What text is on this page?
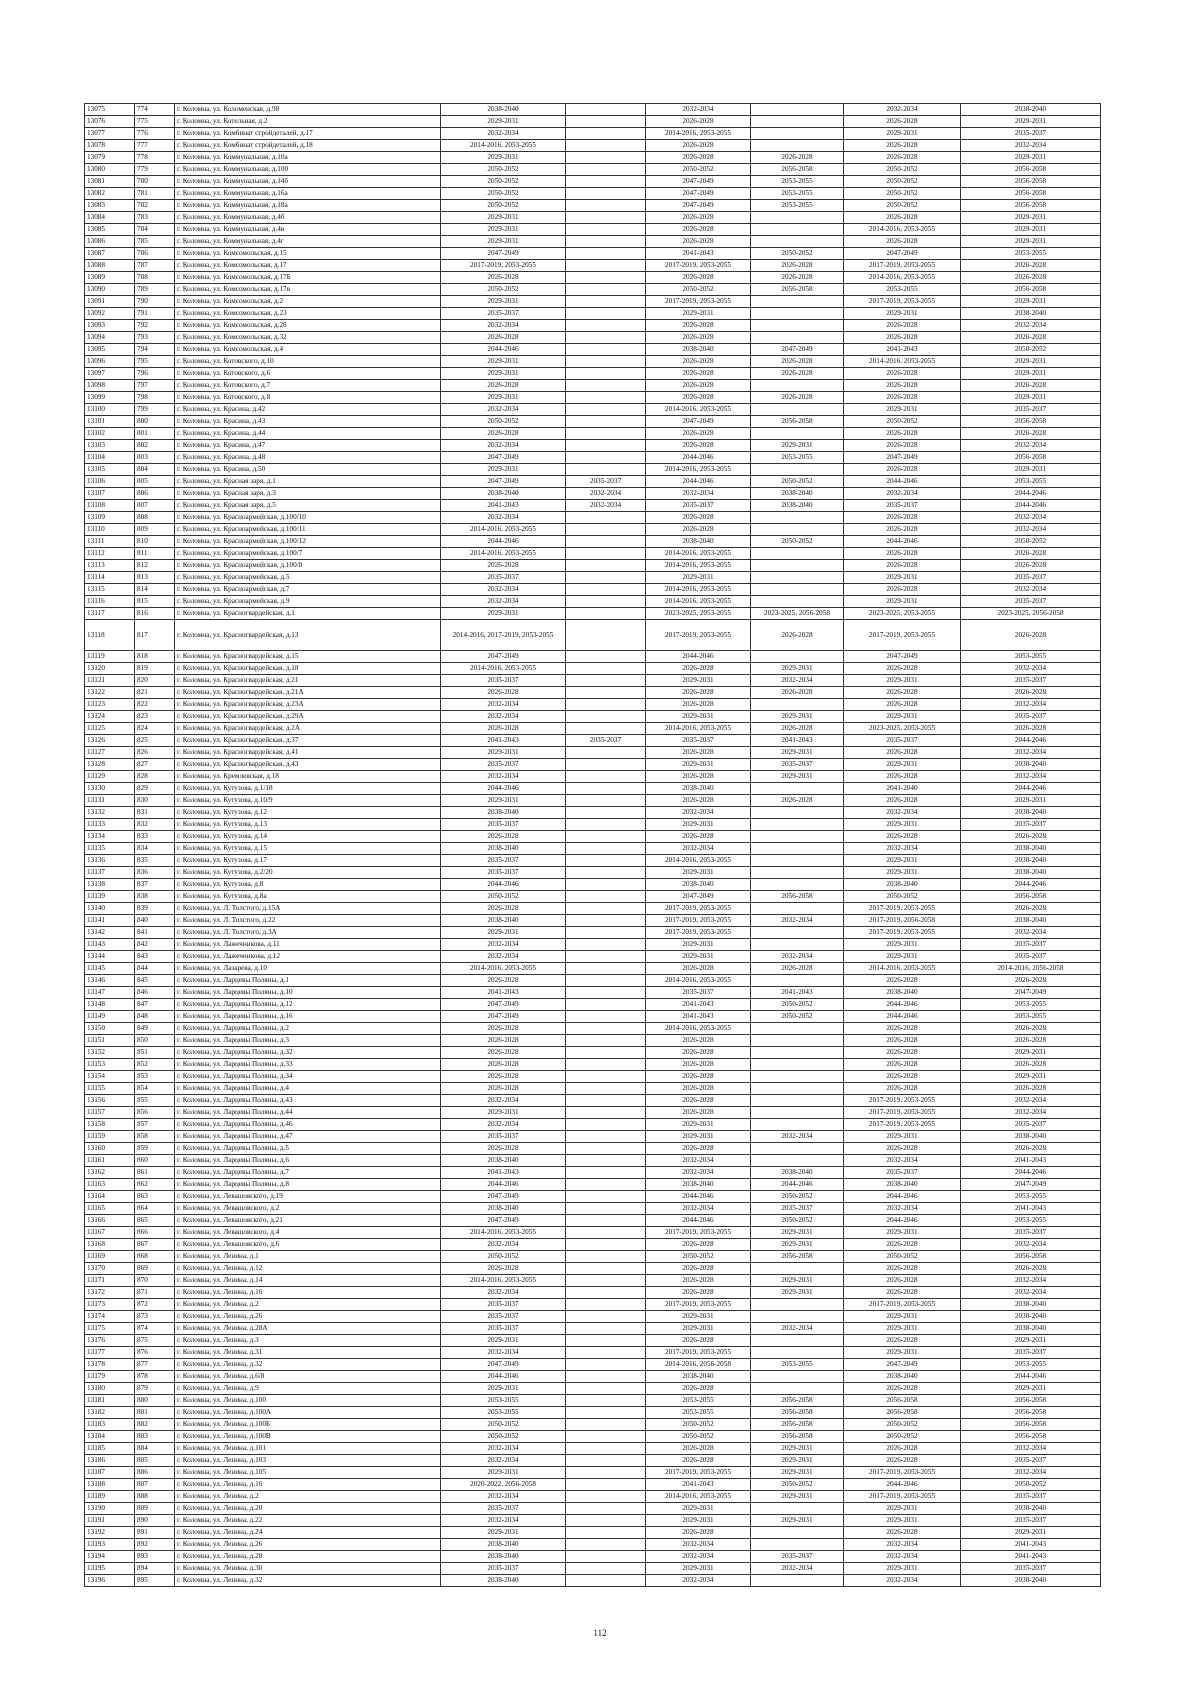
13075	774	г. Коломна, ул. Коломенская, д.98	2038-2040		2032-2034		2032-2034	2038-2040
13076	775	г. Коломна, ул. Котельная, д.2	2029-2031		2026-2028		2026-2028	2029-2031
13077	776	г. Коломна, ул. Комбинат стройдеталей, д.17	2032-2034		2014-2016, 2053-2055		2029-2031	2035-2037
13078	777	г. Коломна, ул. Комбинат стройдеталей, д.18	2014-2016, 2053-2055		2026-2028		2026-2028	2032-2034
13079	778	г. Коломна, ул. Коммунальная, д.10а	2029-2031		2026-2028	2026-2028	2026-2028	2029-2031
13080	779	г. Коломна, ул. Коммунальная, д.100	2050-2052		2050-2052	2056-2058	2050-2052	2056-2058
13081	780	г. Коломна, ул. Коммунальная, д.14б	2050-2052		2047-2049	2053-2055	2050-2052	2056-2058
13082	781	г. Коломна, ул. Коммунальная, д.16а	2050-2052		2047-2049	2053-2055	2050-2052	2056-2058
13083	782	г. Коломна, ул. Коммунальная, д.18а	2050-2052		2047-2049	2053-2055	2050-2052	2056-2058
13084	783	г. Коломна, ул. Коммунальная, д.4б	2029-2031		2026-2028		2026-2028	2029-2031
13085	784	г. Коломна, ул. Коммунальная, д.4в	2029-2031		2026-2028		2014-2016, 2053-2055	2029-2031
13086	785	г. Коломна, ул. Коммунальная, д.4г	2029-2031		2026-2028		2026-2028	2029-2031
13087	786	г. Коломна, ул. Комсомольская, д.15	2047-2049		2041-2043	2050-2052	2047-2049	2053-2055
13088	787	г. Коломна, ул. Комсомольская, д.17	2017-2019, 2053-2055		2017-2019, 2053-2055	2026-2028	2017-2019, 2053-2055	2026-2028
13089	788	г. Коломна, ул. Комсомольская, д.17Б	2026-2028		2026-2028	2026-2028	2014-2016, 2053-2055	2026-2028
13090	789	г. Коломна, ул. Комсомольская, д.17в	2050-2052		2050-2052	2056-2058	2053-2055	2056-2058
13091	790	г. Коломна, ул. Комсомольская, д.2	2029-2031		2017-2019, 2053-2055		2017-2019, 2053-2055	2029-2031
13092	791	г. Коломна, ул. Комсомольская, д.23	2035-2037		2029-2031		2029-2031	2038-2040
13093	792	г. Коломна, ул. Комсомольская, д.28	2032-2034		2026-2028		2026-2028	2032-2034
13094	793	г. Коломна, ул. Комсомольская, д.32	2026-2028		2026-2028		2026-2028	2026-2028
13095	794	г. Коломна, ул. Комсомольская, д.4	2044-2046		2038-2040	2047-2049	2041-2043	2050-2052
13096	795	г. Коломна, ул. Котовского, д.10	2029-2031		2026-2028	2026-2028	2014-2016, 2053-2055	2029-2031
13097	796	г. Коломна, ул. Котовского, д.6	2029-2031		2026-2028	2026-2028	2026-2028	2029-2031
13098	797	г. Коломна, ул. Котовского, д.7	2026-2028		2026-2028		2026-2028	2026-2028
13099	798	г. Коломна, ул. Котовского, д.8	2029-2031		2026-2028	2026-2028	2026-2028	2029-2031
13100	799	г. Коломна, ул. Красина, д.42	2032-2034		2014-2016, 2053-2055		2029-2031	2035-2037
13101	800	г. Коломна, ул. Красина, д.43	2050-2052		2047-2049	2056-2058	2050-2052	2056-2058
13102	801	г. Коломна, ул. Красина, д.44	2026-2028		2026-2028		2026-2028	2026-2028
13103	802	г. Коломна, ул. Красина, д.47	2032-2034		2026-2028	2029-2031	2026-2028	2032-2034
13104	803	г. Коломна, ул. Красина, д.48	2047-2049		2044-2046	2053-2055	2047-2049	2056-2058
13105	804	г. Коломна, ул. Красина, д.50	2029-2031		2014-2016, 2053-2055		2026-2028	2029-2031
13106	805	г. Коломна, ул. Красная заря, д.1	2047-2049	2035-2037	2044-2046	2050-2052	2044-2046	2053-2055
13107	806	г. Коломна, ул. Красная заря, д.3	2038-2040	2032-2034	2032-2034	2038-2040	2032-2034	2044-2046
13108	807	г. Коломна, ул. Красная заря, д.5	2041-2043	2032-2034	2035-2037	2038-2040	2035-2037	2044-2046
13109	808	г. Коломна, ул. Красноармейская, д.100/10	2032-2034		2026-2028		2026-2028	2032-2034
13110	809	г. Коломна, ул. Красноармейская, д.100/11	2014-2016, 2053-2055		2026-2028		2026-2028	2032-2034
13111	810	г. Коломна, ул. Красноармейская, д.100/12	2044-2046		2038-2040	2050-2052	2044-2046	2050-2052
13112	811	г. Коломна, ул. Красноармейская, д.100/7	2014-2016, 2053-2055		2014-2016, 2053-2055		2026-2028	2026-2028
13113	812	г. Коломна, ул. Красноармейская, д.100/8	2026-2028		2014-2016, 2053-2055		2026-2028	2026-2028
13114	813	г. Коломна, ул. Красноармейская, д.5	2035-2037		2029-2031		2029-2031	2035-2037
13115	814	г. Коломна, ул. Красноармейская, д.7	2032-2034		2014-2016, 2053-2055		2026-2028	2032-2034
13116	815	г. Коломна, ул. Красноармейская, д.9	2032-2034		2014-2016, 2053-2055		2029-2031	2035-2037
13117	816	г. Коломна, ул. Красногвардейская, д.1	2029-2031		2023-2025, 2053-2055	2023-2025, 2056-2058	2023-2025, 2053-2055	2023-2025, 2056-2058
13118	817	г. Коломна, ул. Красногвардейская, д.13	2014-2016, 2017-2019, 2053-2055		2017-2019, 2053-2055	2026-2028	2017-2019, 2053-2055	2026-2028
13119	818	г. Коломна, ул. Красногвардейская, д.15	2047-2049		2044-2046		2047-2049	2053-2055
13120	819	г. Коломна, ул. Красногвардейская, д.18	2014-2016, 2053-2055		2026-2028	2029-2031	2026-2028	2032-2034
13121	820	г. Коломна, ул. Красногвардейская, д.21	2035-2037		2029-2031	2032-2034	2029-2031	2035-2037
13122	821	г. Коломна, ул. Красногвардейская, д.21А	2026-2028		2026-2028	2026-2028	2026-2028	2026-2028
13123	822	г. Коломна, ул. Красногвардейская, д.23А	2032-2034		2026-2028		2026-2028	2032-2034
13124	823	г. Коломна, ул. Красногвардейская, д.29А	2032-2034		2029-2031	2029-2031	2029-2031	2035-2037
13125	824	г. Коломна, ул. Красногвардейская, д.2А	2026-2028		2014-2016, 2053-2055	2026-2028	2023-2025, 2053-2055	2026-2028
13126	825	г. Коломна, ул. Красногвардейская, д.37	2041-2043	2035-2037	2035-2037	2041-2043	2035-2037	2044-2046
13127	826	г. Коломна, ул. Красногвардейская, д.41	2029-2031		2026-2028	2029-2031	2026-2028	2032-2034
13128	827	г. Коломна, ул. Красногвардейская, д.43	2035-2037		2029-2031	2035-2037	2029-2031	2038-2040
13129	828	г. Коломна, ул. Кремлевская, д.18	2032-2034		2026-2028	2029-2031	2026-2028	2032-2034
13130	829	г. Коломна, ул. Кутузова, д.1/18	2044-2046		2038-2040		2041-2040	2044-2046
13131	830	г. Коломна, ул. Кутузова, д.10/9	2029-2031		2026-2028	2026-2028	2026-2028	2029-2031
13132	831	г. Коломна, ул. Кутузова, д.12	2038-2040		2032-2034		2032-2034	2038-2040
13133	832	г. Коломна, ул. Кутузова, д.13	2035-2037		2029-2031		2029-2031	2035-2037
13134	833	г. Коломна, ул. Кутузова, д.14	2026-2028		2026-2028		2026-2028	2026-2028
13135	834	г. Коломна, ул. Кутузова, д.15	2038-2040		2032-2034		2032-2034	2038-2040
13136	835	г. Коломна, ул. Кутузова, д.17	2035-2037		2014-2016, 2053-2055		2029-2031	2038-2040
13137	836	г. Коломна, ул. Кутузова, д.2/20	2035-2037		2029-2031		2029-2031	2038-2040
13138	837	г. Коломна, ул. Кутузова, д.8	2044-2046		2038-2040		2038-2040	2044-2046
13139	838	г. Коломна, ул. Кутузова, д.8а	2050-2052		2047-2049	2056-2058	2050-2052	2056-2058
13140	839	г. Коломна, ул. Л. Толстого, д.15А	2026-2028		2017-2019, 2053-2055		2017-2019, 2053-2055	2026-2028
13141	840	г. Коломна, ул. Л. Толстого, д.22	2038-2040		2017-2019, 2053-2055	2032-2034	2017-2019, 2056-2058	2038-2040
13142	841	г. Коломна, ул. Л. Толстого, д.3А	2029-2031		2017-2019, 2053-2055		2017-2019, 2053-2055	2032-2034
13143	842	г. Коломна, ул. Лажечникова, д.11	2032-2034		2029-2031		2029-2031	2035-2037
13144	843	г. Коломна, ул. Лажечникова, д.12	2032-2034		2029-2031	2032-2034	2029-2031	2035-2037
13145	844	г. Коломна, ул. Лазарева, д.10	2014-2016, 2053-2055		2026-2028	2026-2028	2014-2016, 2053-2055	2014-2016, 2056-2058
13146	845	г. Коломна, ул. Ларцевы Поляны, д.1	2026-2028		2014-2016, 2053-2055		2026-2028	2026-2028
13147	846	г. Коломна, ул. Ларцевы Поляны, д.10	2041-2043		2035-2037	2041-2043	2038-2040	2047-2049
13148	847	г. Коломна, ул. Ларцевы Поляны, д.12	2047-2049		2041-2043	2050-2052	2044-2046	2053-2055
13149	848	г. Коломна, ул. Ларцевы Поляны, д.16	2047-2049		2041-2043	2050-2052	2044-2046	2053-2055
13150	849	г. Коломна, ул. Ларцевы Поляны, д.2	2026-2028		2014-2016, 2053-2055		2026-2028	2026-2028
13151	850	г. Коломна, ул. Ларцевы Поляны, д.3	2026-2028		2026-2028		2026-2028	2026-2028
13152	851	г. Коломна, ул. Ларцевы Поляны, д.32	2026-2028		2026-2028		2026-2028	2029-2031
13153	852	г. Коломна, ул. Ларцевы Поляны, д.33	2026-2028		2026-2028		2026-2028	2026-2028
13154	853	г. Коломна, ул. Ларцевы Поляны, д.34	2026-2028		2026-2028		2026-2028	2029-2031
13155	854	г. Коломна, ул. Ларцевы Поляны, д.4	2026-2028		2026-2028		2026-2028	2026-2028
13156	855	г. Коломна, ул. Ларцевы Поляны, д.43	2032-2034		2026-2028		2017-2019, 2053-2055	2032-2034
13157	856	г. Коломна, ул. Ларцевы Поляны, д.44	2029-2031		2026-2028		2017-2019, 2053-2055	2032-2034
13158	857	г. Коломна, ул. Ларцевы Поляны, д.46	2032-2034		2029-2031		2017-2019, 2053-2055	2035-2037
13159	858	г. Коломна, ул. Ларцевы Поляны, д.47	2035-2037		2029-2031	2032-2034	2029-2031	2038-2040
13160	859	г. Коломна, ул. Ларцевы Поляны, д.5	2026-2028		2026-2028		2026-2028	2026-2028
13161	860	г. Коломна, ул. Ларцевы Поляны, д.6	2038-2040		2032-2034		2032-2034	2041-2043
13162	861	г. Коломна, ул. Ларцевы Поляны, д.7	2041-2043		2032-2034	2038-2040	2035-2037	2044-2046
13163	862	г. Коломна, ул. Ларцевы Поляны, д.8	2044-2046		2038-2040	2044-2046	2038-2040	2047-2049
13164	863	г. Коломна, ул. Левашовского, д.19	2047-2049		2044-2046	2050-2052	2044-2046	2053-2055
13165	864	г. Коломна, ул. Левашовского, д.2	2038-2040		2032-2034	2035-2037	2032-2034	2041-2043
13166	865	г. Коломна, ул. Левашовского, д.21	2047-2049		2044-2046	2050-2052	2044-2046	2053-2055
13167	866	г. Коломна, ул. Левашовского, д.4	2014-2016, 2053-2055		2017-2019, 2053-2055	2029-2031	2029-2031	2035-2037
13168	867	г. Коломна, ул. Левашовского, д.6	2032-2034		2026-2028	2029-2031	2026-2028	2032-2034
13169	868	г. Коломна, ул. Ленина, д.1	2050-2052		2050-2052	2056-2058	2050-2052	2056-2058
13170	869	г. Коломна, ул. Ленина, д.12	2026-2028		2026-2028		2026-2028	2026-2028
13171	870	г. Коломна, ул. Ленина, д.14	2014-2016, 2053-2055		2026-2028	2029-2031	2026-2028	2032-2034
13172	871	г. Коломна, ул. Ленина, д.16	2032-2034		2026-2028	2029-2031	2026-2028	2032-2034
13173	872	г. Коломна, ул. Ленина, д.2	2035-2037		2017-2019, 2053-2055		2017-2019, 2053-2055	2038-2040
13174	873	г. Коломна, ул. Ленина, д.26	2035-2037		2029-2031		2029-2031	2038-2040
13175	874	г. Коломна, ул. Ленина, д.28А	2035-2037		2029-2031	2032-2034	2029-2031	2038-2040
13176	875	г. Коломна, ул. Ленина, д.3	2029-2031		2026-2028		2026-2028	2029-2031
13177	876	г. Коломна, ул. Ленина, д.31	2032-2034		2017-2019, 2053-2055		2029-2031	2035-2037
13178	877	г. Коломна, ул. Ленина, д.32	2047-2049		2014-2016, 2056-2058	2053-2055	2047-2049	2053-2055
13179	878	г. Коломна, ул. Ленина, д.6/8	2044-2046		2038-2040		2038-2040	2044-2046
13180	879	г. Коломна, ул. Ленина, д.9	2029-2031		2026-2028		2026-2028	2029-2031
13181	880	г. Коломна, ул. Ленина, д.100	2053-2055		2053-2055	2056-2058	2056-2058	2056-2058
13182	881	г. Коломна, ул. Ленина, д.100А	2053-2055		2053-2055	2056-2058	2056-2058	2056-2058
13183	882	г. Коломна, ул. Ленина, д.100Б	2050-2052		2050-2052	2056-2058	2050-2052	2056-2058
13184	883	г. Коломна, ул. Ленина, д.100В	2050-2052		2050-2052	2056-2058	2050-2052	2056-2058
13185	884	г. Коломна, ул. Ленина, д.101	2032-2034		2026-2028	2029-2031	2026-2028	2032-2034
13186	885	г. Коломна, ул. Ленина, д.103	2032-2034		2026-2028	2029-2031	2026-2028	2035-2037
13187	886	г. Коломна, ул. Ленина, д.105	2029-2031		2017-2019, 2053-2055	2029-2031	2017-2019, 2053-2055	2032-2034
13188	887	г. Коломна, ул. Ленина, д.16	2020-2022, 2056-2058		2041-2043	2050-2052	2044-2046	2050-2052
13189	888	г. Коломна, ул. Ленина, д.2	2032-2034		2014-2016, 2053-2055	2029-2031	2017-2019, 2053-2055	2035-2037
13190	889	г. Коломна, ул. Ленина, д.20	2035-2037		2029-2031		2029-2031	2038-2040
13191	890	г. Коломна, ул. Ленина, д.22	2032-2034		2029-2031	2029-2031	2029-2031	2035-2037
13192	891	г. Коломна, ул. Ленина, д.24	2029-2031		2026-2028		2026-2028	2029-2031
13193	892	г. Коломна, ул. Ленина, д.26	2038-2040		2032-2034		2032-2034	2041-2043
13194	893	г. Коломна, ул. Ленина, д.28	2038-2040		2032-2034	2035-2037	2032-2034	2041-2043
13195	894	г. Коломна, ул. Ленина, д.30	2035-2037		2029-2031	2032-2034	2029-2031	2035-2037
13196	895	г. Коломна, ул. Ленина, д.32	2038-2040		2032-2034		2032-2034	2038-2040
112
